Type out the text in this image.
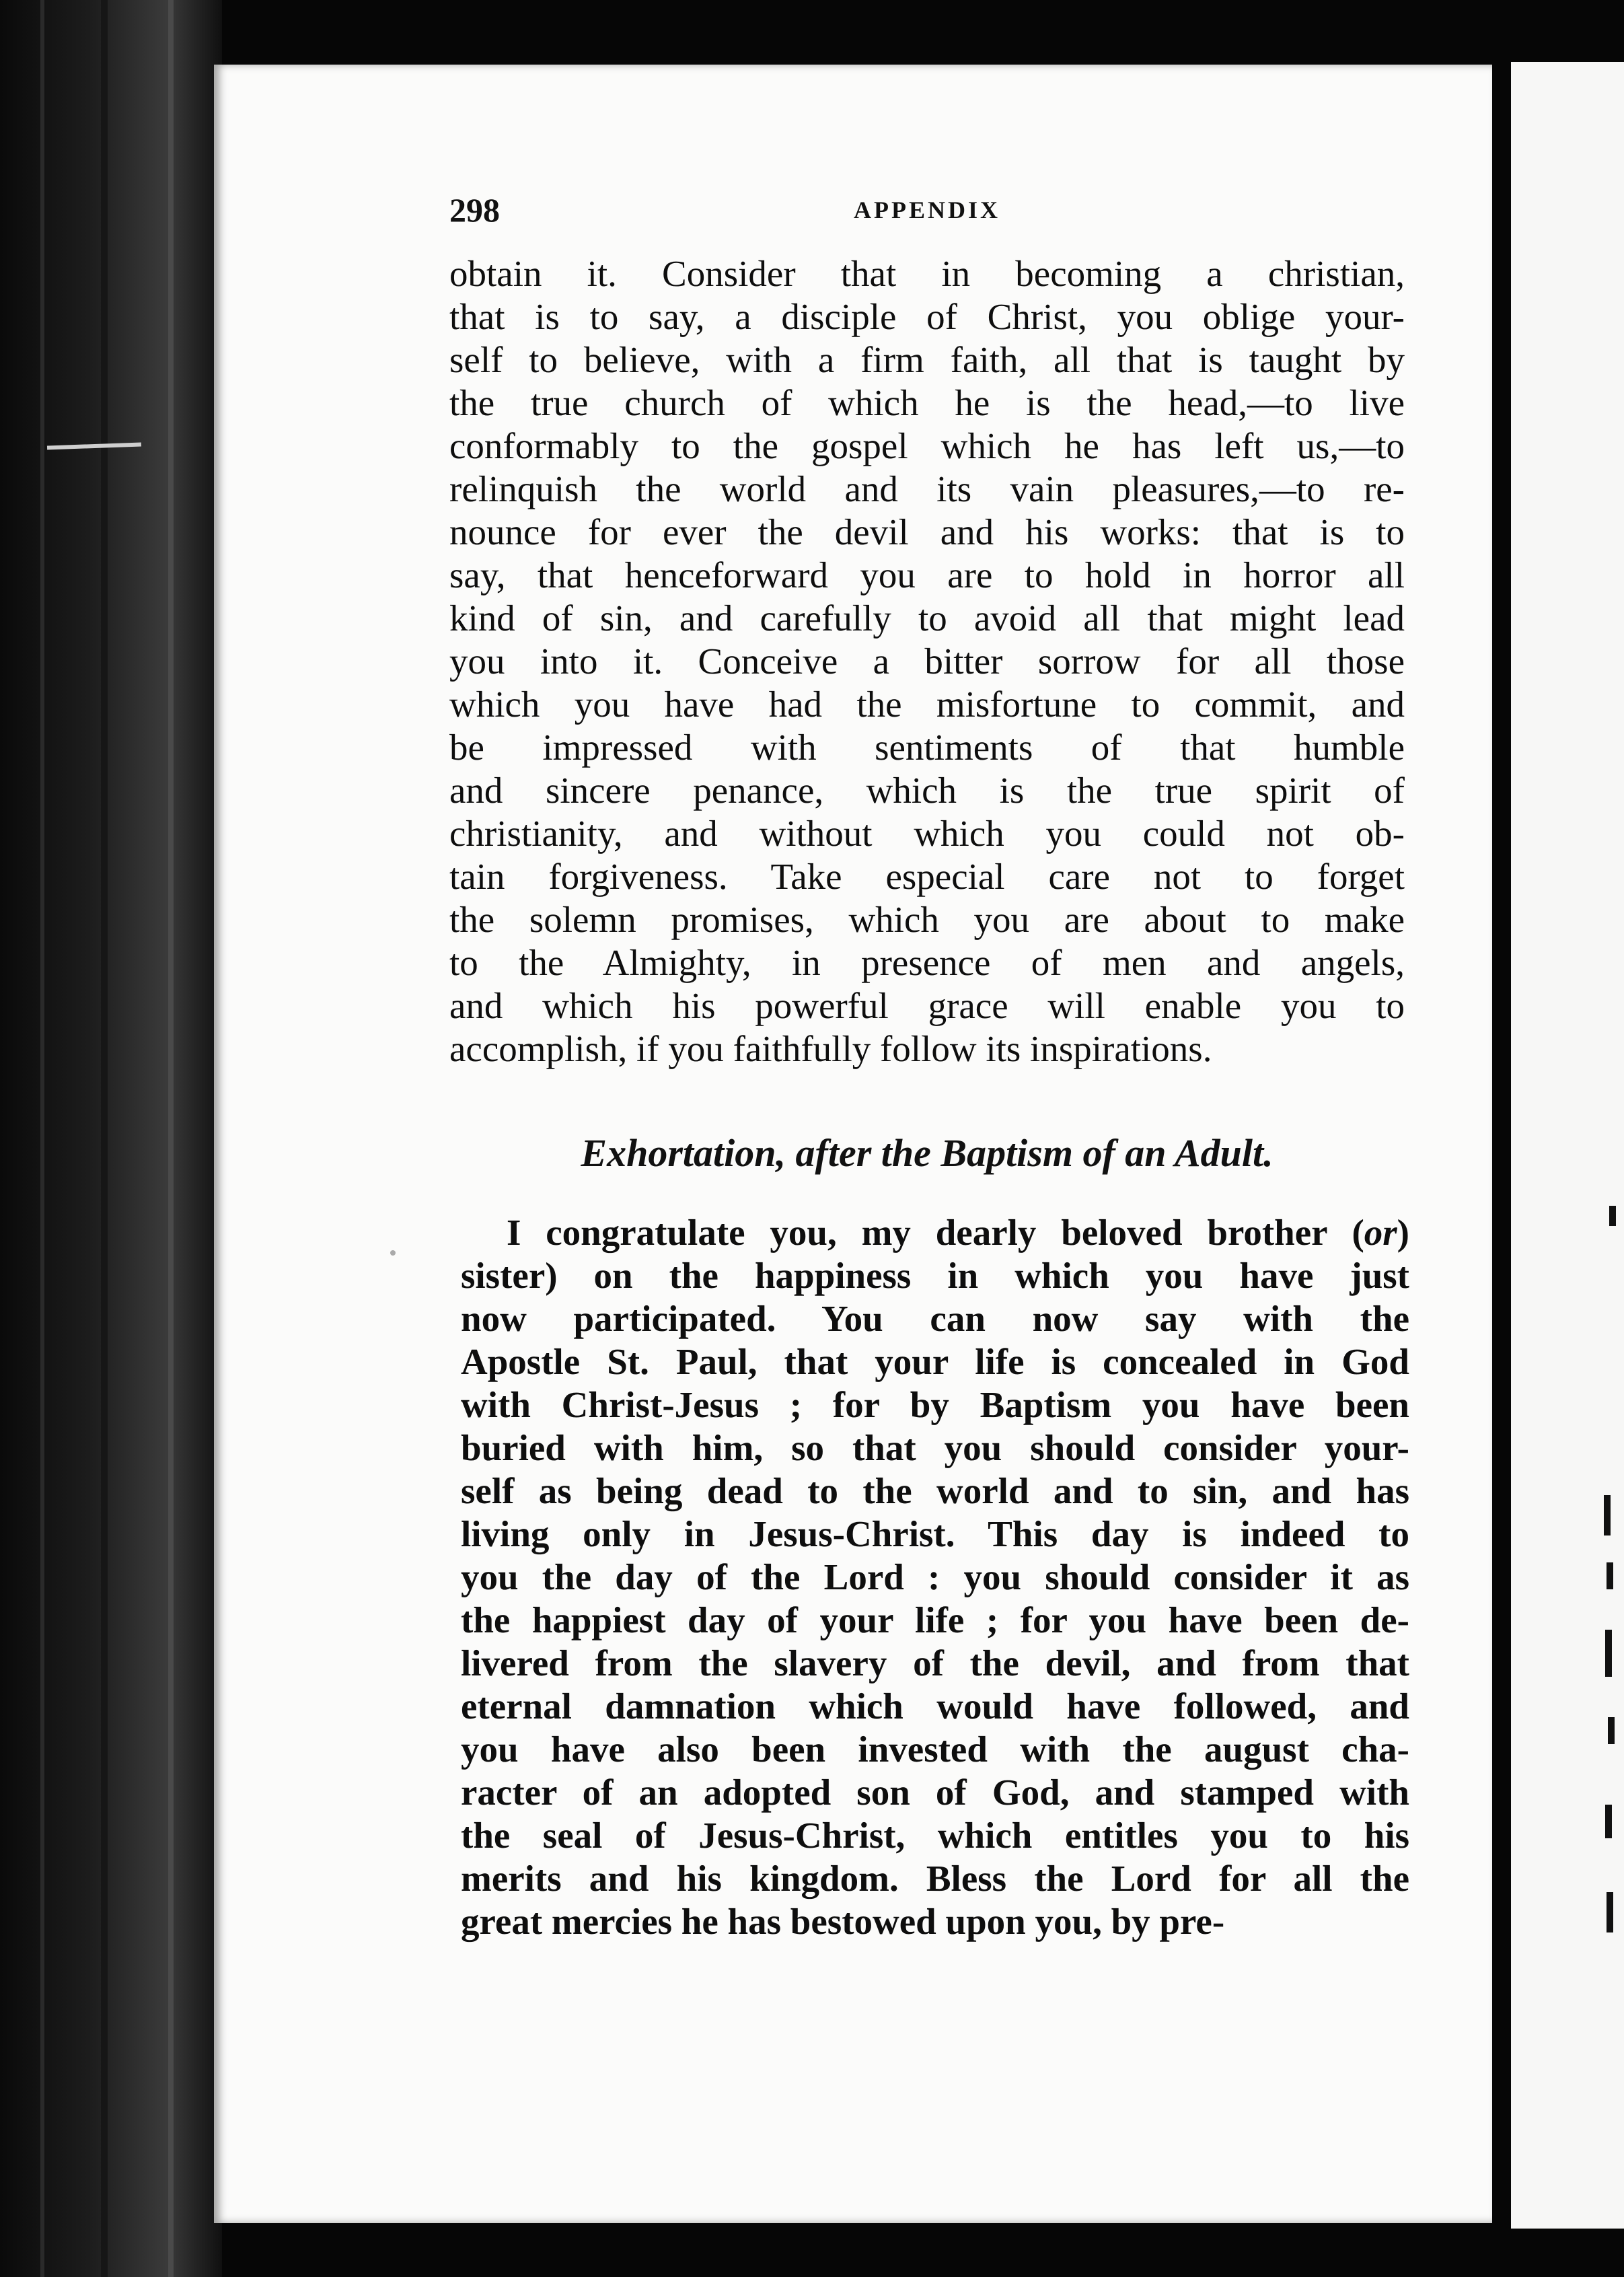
298	APPENDIX
obtain it. Consider that in becoming a christian,
that is to say, a disciple of Christ, you oblige your-
self to believe, with a firm faith, all that is taught by
the true church of which he is the head,—to live
conformably to the gospel which he has left us,—to
relinquish the world and its vain pleasures,—to re-
nounce for ever the devil and his works: that is to
say, that henceforward you are to hold in horror all
kind of sin, and carefully to avoid all that might lead
you into it. Conceive a bitter sorrow for all those
which you have had the misfortune to commit, and
be impressed with sentiments of that humble
and sincere penance, which is the true spirit of
christianity, and without which you could not ob-
tain forgiveness. Take especial care not to forget
the solemn promises, which you are about to make
to the Almighty, in presence of men and angels,
and which his powerful grace will enable you to
accomplish, if you faithfully follow its inspirations.
Exhortation, after the Baptism of an Adult.
I congratulate you, my dearly beloved brother (or)
sister) on the happiness in which you have just
now participated. You can now say with the
Apostle St. Paul, that your life is concealed in God
with Christ-Jesus ; for by Baptism you have been
buried with him, so that you should consider your-
self as being dead to the world and to sin, and has
living only in Jesus-Christ. This day is indeed to
you the day of the Lord : you should consider it as
the happiest day of your life ; for you have been de-
livered from the slavery of the devil, and from that
eternal damnation which would have followed, and
you have also been invested with the august cha-
racter of an adopted son of God, and stamped with
the seal of Jesus-Christ, which entitles you to his
merits and his kingdom. Bless the Lord for all the
great mercies he has bestowed upon you, by pre-
